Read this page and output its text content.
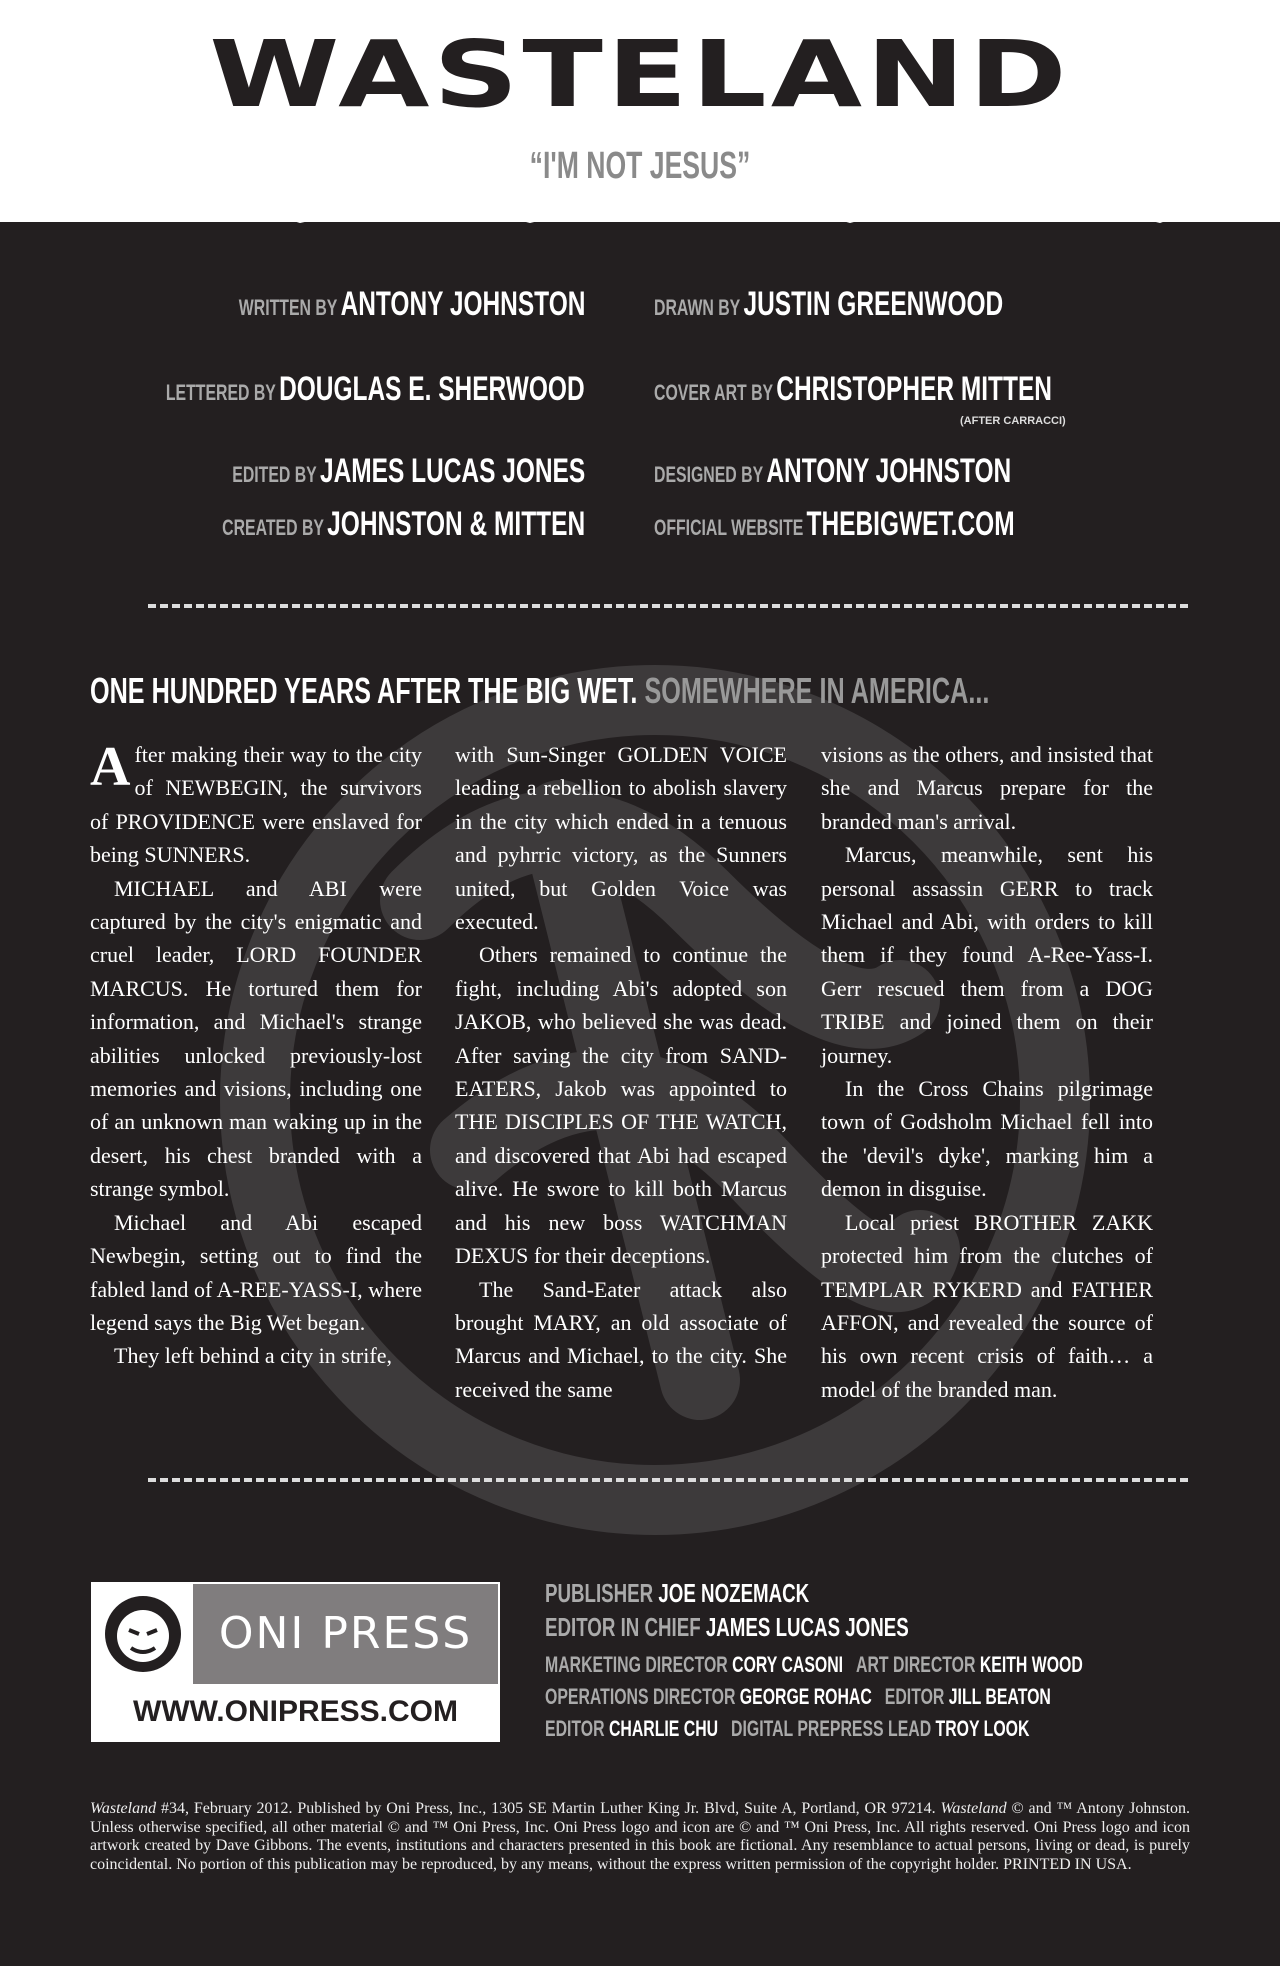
WASTELAND
“I'M NOT JESUS”
WRITTEN BY ANTONY JOHNSTON	DRAWN BY JUSTIN GREENWOOD
LETTERED BY DOUGLAS E. SHERWOOD	COVER ART BY CHRISTOPHER MITTEN
(AFTER CARRACCI)
EDITED BY JAMES LUCAS JONES	DESIGNED BY ANTONY JOHNSTON
CREATED BY JOHNSTON & MITTEN	OFFICIAL WEBSITE THEBIGWET.COM
ONE HUNDRED YEARS AFTER THE BIG WET. SOMEWHERE IN AMERICA...

After making their way to the city of NEWBEGIN, the survivors of PROVIDENCE were enslaved for being SUNNERS.

MICHAEL and ABI were captured by the city's enigmatic and cruel leader, LORD FOUNDER MARCUS. He tortured them for information, and Michael's strange abilities unlocked previously-lost memories and visions, including one of an unknown man waking up in the desert, his chest branded with a strange symbol.

Michael and Abi escaped Newbegin, setting out to find the fabled land of A-REE-YASS-I, where legend says the Big Wet began.

They left behind a city in strife,

with Sun-Singer GOLDEN VOICE leading a rebellion to abolish slavery in the city which ended in a tenuous and pyhrric victory, as the Sunners united, but Golden Voice was executed.

Others remained to continue the fight, including Abi's adopted son JAKOB, who believed she was dead. After saving the city from SAND-EATERS, Jakob was appointed to THE DISCIPLES OF THE WATCH, and discovered that Abi had escaped alive. He swore to kill both Marcus and his new boss WATCHMAN DEXUS for their deceptions.

The Sand-Eater attack also brought MARY, an old associate of Marcus and Michael, to the city. She received the same

visions as the others, and insisted that she and Marcus prepare for the branded man's arrival.

Marcus, meanwhile, sent his personal assassin GERR to track Michael and Abi, with orders to kill them if they found A-Ree-Yass-I. Gerr rescued them from a DOG TRIBE and joined them on their journey.

In the Cross Chains pilgrimage town of Godsholm Michael fell into the 'devil's dyke', marking him a demon in disguise.

Local priest BROTHER ZAKK protected him from the clutches of TEMPLAR RYKERD and FATHER AFFON, and revealed the source of his own recent crisis of faith… a model of the branded man.

ONI PRESS
WWW.ONIPRESS.COM
PUBLISHER JOE NOZEMACK
EDITOR IN CHIEF JAMES LUCAS JONES
MARKETING DIRECTOR CORY CASONI ART DIRECTOR KEITH WOOD
OPERATIONS DIRECTOR GEORGE ROHAC EDITOR JILL BEATON
EDITOR CHARLIE CHU DIGITAL PREPRESS LEAD TROY LOOK
Wasteland #34, February 2012. Published by Oni Press, Inc., 1305 SE Martin Luther King Jr. Blvd, Suite A, Portland, OR 97214. Wasteland © and ™ Antony Johnston. Unless otherwise specified, all other material © and ™ Oni Press, Inc. Oni Press logo and icon are © and ™ Oni Press, Inc. All rights reserved. Oni Press logo and icon artwork created by Dave Gibbons. The events, institutions and characters presented in this book are fictional. Any resemblance to actual persons, living or dead, is purely coincidental. No portion of this publication may be reproduced, by any means, without the express written permission of the copyright holder. PRINTED IN USA.
